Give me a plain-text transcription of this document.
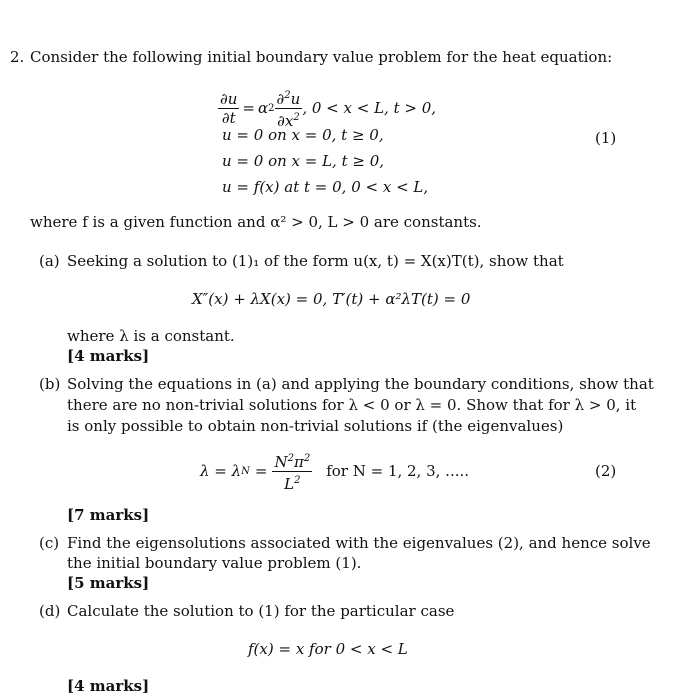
2. Consider the following initial boundary value problem for the heat equation:
$\frac{\partial u}{\partial t} = \alpha$ $2 \frac{\partial^2u}{\partial x^2}$ , 0 < x < L, t > 0,
u = 0 on x = 0, t ≥ 0,
u = 0 on x = L, t ≥ 0,
u = f(x) at t = 0, 0 < x < L,
(1)
where f is a given function and α² > 0, L > 0 are constants.
(a) Seeking a solution to (1)₁ of the form u(x, t) = X(x)T(t), show that
X″(x) + λX(x) = 0, T′(t) + α²λT(t) = 0
where λ is a constant.
[4 marks]
(b) Solving the equations in (a) and applying the boundary conditions, show that
there are no non-trivial solutions for λ < 0 or λ = 0. Show that for λ > 0, it
is only possible to obtain non-trivial solutions if (the eigenvalues)
λ = λ $N = \frac{N^2\pi^2}{L^2}$ for N = 1, 2, 3, .....	(2)
[7 marks]
(c) Find the eigensolutions associated with the eigenvalues (2), and hence solve
the initial boundary value problem (1).
[5 marks]
(d) Calculate the solution to (1) for the particular case
f(x) = x for 0 < x < L
[4 marks]
